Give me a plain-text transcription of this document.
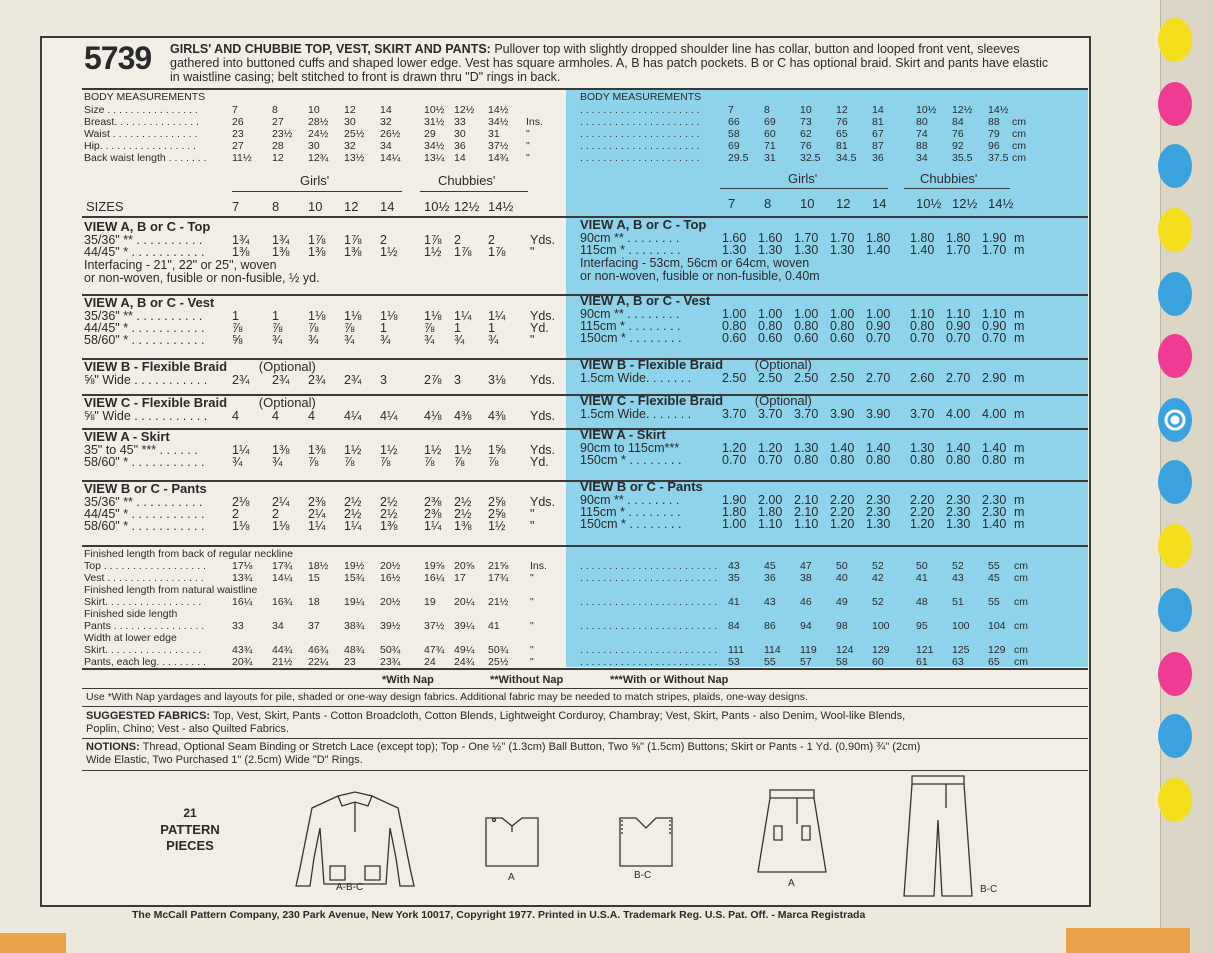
5739 GIRLS' AND CHUBBIE TOP, VEST, SKIRT AND PANTS: Pullover top with slightly dropped shoulder line has collar, button and looped front vent, sleeves gathered into buttoned cuffs and shaped lower edge. Vest has square armholes. A, B has patch pockets. B or C has optional braid. Skirt and pants have elastic in waistline casing; belt stitched to front is drawn thru "D" rings in back.
BODY MEASUREMENTS
Size . . . . . . . . . . . . . . . .	7	8	10 12 14	10½ 12½ 14½
Breast. . . . . . . . . . . . . . .	26	27 28½ 30 32	31½ 33 34½ Ins.
Waist . . . . . . . . . . . . . . .	23	23½ 24½ 25½ 26½ 29 30 31	"
Hip. . . . . . . . . . . . . . . . .	27	28 30 32 34	34½ 36 37½ "
Back waist length . . . . . . . 11½ 12 12¾ 13½ 14¼ 13¼ 14 14¾ "
BODY MEASUREMENTS
. . . . . . . . . . . . . . . . . . . . .	7	8	10 12 14	10½ 12½ 14½
. . . . . . . . . . . . . . . . . . . . .	66 69 73 76 81	80 84 88 cm
. . . . . . . . . . . . . . . . . . . . .	58 60 62 65 67	74 76 79 cm
. . . . . . . . . . . . . . . . . . . . .	69 71 76 81 87	88 92 96 cm
. . . . . . . . . . . . . . . . . . . . .	29.5 31 32.5 34.5 36	34 35.5 37.5 cm
Girls'	Chubbies'
SIZES	7	8 10 12 14 10½ 12½ 14½
Girls'	Chubbies'
7 8 10 12 14 10½ 12½ 14½
VIEW A, B or C - Top
35/36" ** . . . . . . . . . . 1¾ 1¾ 1⅞ 1⅞ 2	1⅞ 2 2	Yds.
44/45" * . . . . . . . . . . . 1⅜ 1⅜ 1⅜ 1⅜ 1½ 1½ 1⅞ 1⅞ "
Interfacing - 21", 22" or 25", woven
or non-woven, fusible or non-fusible, ½ yd.
VIEW A, B or C - Vest
35/36" ** . . . . . . . . . . 1	1 1⅛ 1⅛ 1⅛ 1⅛ 1¼ 1¼ Yds.
44/45" * . . . . . . . . . . . ⅞ ⅞ ⅞ ⅞ 1	⅞ 1 1	Yd.
58/60" * . . . . . . . . . . . ⅝ ¾ ¾ ¾ ¾	¾ ¾ ¾	"
VIEW B - Flexible Braid (Optional)
⅝" Wide . . . . . . . . . . . 2¾ 2¾ 2¾ 2¾ 3	2⅞ 3 3⅛ Yds.
VIEW C - Flexible Braid (Optional)
⅝" Wide . . . . . . . . . . . 4	4 4 4¼ 4¼ 4⅛ 4⅜ 4⅜ Yds.
VIEW A - Skirt
35" to 45" *** . . . . . .	1¼ 1⅜ 1⅜ 1½ 1½ 1½ 1½ 1⅝ Yds.
58/60" * . . . . . . . . . . . ¾ ¾ ⅞ ⅞ ⅞	⅞ ⅞ ⅞	Yd.
VIEW B or C - Pants
35/36" ** . . . . . . . . . . 2⅛ 2¼ 2⅜ 2½ 2½ 2⅜ 2½ 2⅝ Yds.
44/45" * . . . . . . . . . . . 2	2 2¼ 2½ 2½ 2⅜ 2½ 2⅝ "
58/60" * . . . . . . . . . . . 1⅛ 1⅛ 1¼ 1¼ 1⅜ 1¼ 1⅜ 1½ "
VIEW A, B or C - Top
90cm ** . . . . . . . .	1.60 1.60 1.70 1.70 1.80 1.80 1.80 1.90 m
115cm * . . . . . . . .	1.30 1.30 1.30 1.30 1.40 1.40 1.70 1.70 m
Interfacing - 53cm, 56cm or 64cm, woven
or non-woven, fusible or non-fusible, 0.40m
VIEW A, B or C - Vest
90cm ** . . . . . . . .	1.00 1.00 1.00 1.00 1.00 1.10 1.10 1.10 m
115cm * . . . . . . . .	0.80 0.80 0.80 0.80 0.90 0.80 0.90 0.90 m
150cm * . . . . . . . .	0.60 0.60 0.60 0.60 0.70 0.70 0.70 0.70 m
VIEW B - Flexible Braid (Optional)
1.5cm Wide. . . . . . . 2.50 2.50 2.50 2.50 2.70 2.60 2.70 2.90 m
VIEW C - Flexible Braid (Optional)
1.5cm Wide. . . . . . . 3.70 3.70 3.70 3.90 3.90 3.70 4.00 4.00 m
VIEW A - Skirt
90cm to 115cm***	1.20 1.20 1.30 1.40 1.40 1.30 1.40 1.40 m
150cm * . . . . . . . .	0.70 0.70 0.80 0.80 0.80 0.80 0.80 0.80 m
VIEW B or C - Pants
90cm ** . . . . . . . .	1.90 2.00 2.10 2.20 2.30 2.20 2.30 2.30 m
115cm * . . . . . . . .	1.80 1.80 2.10 2.20 2.30 2.20 2.30 2.30 m
150cm * . . . . . . . .	1.00 1.10 1.10 1.20 1.30 1.20 1.30 1.40 m
Finished length from back of regular neckline
Top . . . . . . . . . . . . . . . . . . 17⅛ 17¾ 18½ 19½ 20½ 19⅝ 20⅝ 21⅝ Ins.	. . . . . . . . . . . . . . . . . . . . . . . . 43 45 47 50 52	50 52 55 cm
Vest . . . . . . . . . . . . . . . . .	13¾ 14¼ 15 15¾ 16½ 16¼ 17 17¾ "	. . . . . . . . . . . . . . . . . . . . . . . . 35 36 38 40 42	41 43 45 cm
Finished length from natural waistline
Skirt. . . . . . . . . . . . . . . . .	16¼ 16¾ 18 19¼ 20½ 19 20¼ 21½ "	. . . . . . . . . . . . . . . . . . . . . . . . 41 43 46 49 52	48 51 55 cm
Finished side length
Pants . . . . . . . . . . . . . . . .	33	34 37 38¾ 39½ 37½ 39¼ 41	"	. . . . . . . . . . . . . . . . . . . . . . . . 84 86 94 98 100	95 100 104 cm
Width at lower edge
Skirt. . . . . . . . . . . . . . . . .	43¾ 44¾ 46¾ 48¾ 50¾ 47¾ 49¼ 50¾ "	. . . . . . . . . . . . . . . . . . . . . . . . 111 114 119 124 129	121 125 129 cm
Pants, each leg. . . . . . . . . 20¾ 21½ 22¼ 23 23¾ 24 24¾ 25½ "	. . . . . . . . . . . . . . . . . . . . . . . . 53 55 57 58 60	61 63 65 cm
*With Nap	**Without Nap	***With or Without Nap
Use *With Nap yardages and layouts for pile, shaded or one-way design fabrics. Additional fabric may be needed to match stripes, plaids, one-way designs.
SUGGESTED FABRICS: Top, Vest, Skirt, Pants - Cotton Broadcloth, Cotton Blends, Lightweight Corduroy, Chambray; Vest, Skirt, Pants - also Denim, Wool-like Blends,
Poplin, Chino; Vest - also Quilted Fabrics.
NOTIONS: Thread, Optional Seam Binding or Stretch Lace (except top); Top - One ½" (1.3cm) Ball Button, Two ⅝" (1.5cm) Buttons; Skirt or Pants - 1 Yd. (0.90m) ¾" (2cm)
Wide Elastic, Two Purchased 1" (2.5cm) Wide "D" Rings.
21
PATTERN
PIECES
A-B-C
A	B-C
A
B-C
The McCall Pattern Company, 230 Park Avenue, New York 10017, Copyright 1977. Printed in U.S.A. Trademark Reg. U.S. Pat. Off. - Marca Registrada
